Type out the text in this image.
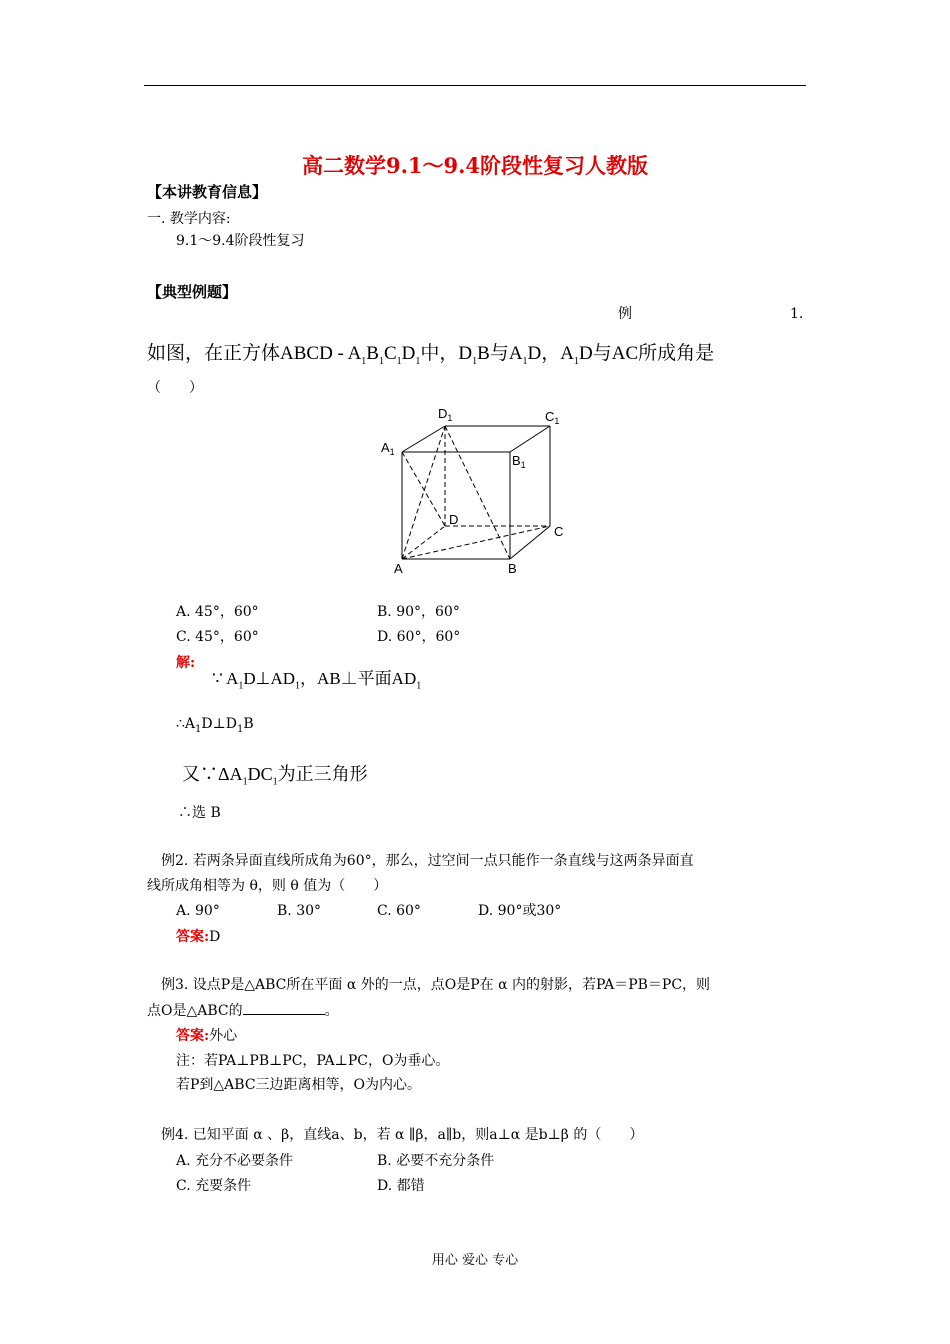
高二数学9.1～9.4阶段性复习人教版
【本讲教育信息】
一. 教学内容:
9.1～9.4阶段性复习
【典型例题】
例	1.
如图，在正方体ABCD - $A_1B_1C_1D_1$中，$D_1B$与$A_1D$，$A_1D$与AC所成角是
（　　）
$D_1$	$C_1$
$A_1$
$B_1$
D
C
A	B
A. 45°，60°	B. 90°，60°
C. 45°，60°	D. 60°，60°
解:
∵ $A_1D\perp AD_1$，AB⊥平面$AD_1$
$\therefore A_1D\perp D_1B$
又$\because\Delta A_1DC_1$为正三角形
∴选 B
例2. 若两条异面直线所成角为60°，那么，过空间一点只能作一条直线与这两条异面直
线所成角相等为 θ，则 θ 值为（　　）
A. 90°	B. 30°	C. 60°	D. 90°或30°
答案:D
例3. 设点P是△ABC所在平面 α 外的一点，点O是P在 α 内的射影，若PA＝PB＝PC，则
点O是△ABC的	。
答案:外心
注：若PA⊥PB⊥PC，PA⊥PC，O为垂心。
若P到△ABC三边距离相等，O为内心。
例4. 已知平面 α 、β，直线a、b，若 α ∥β，a∥b，则a⊥α 是b⊥β 的（　　）
A. 充分不必要条件	B. 必要不充分条件
C. 充要条件	D. 都错
用心 爱心 专心
